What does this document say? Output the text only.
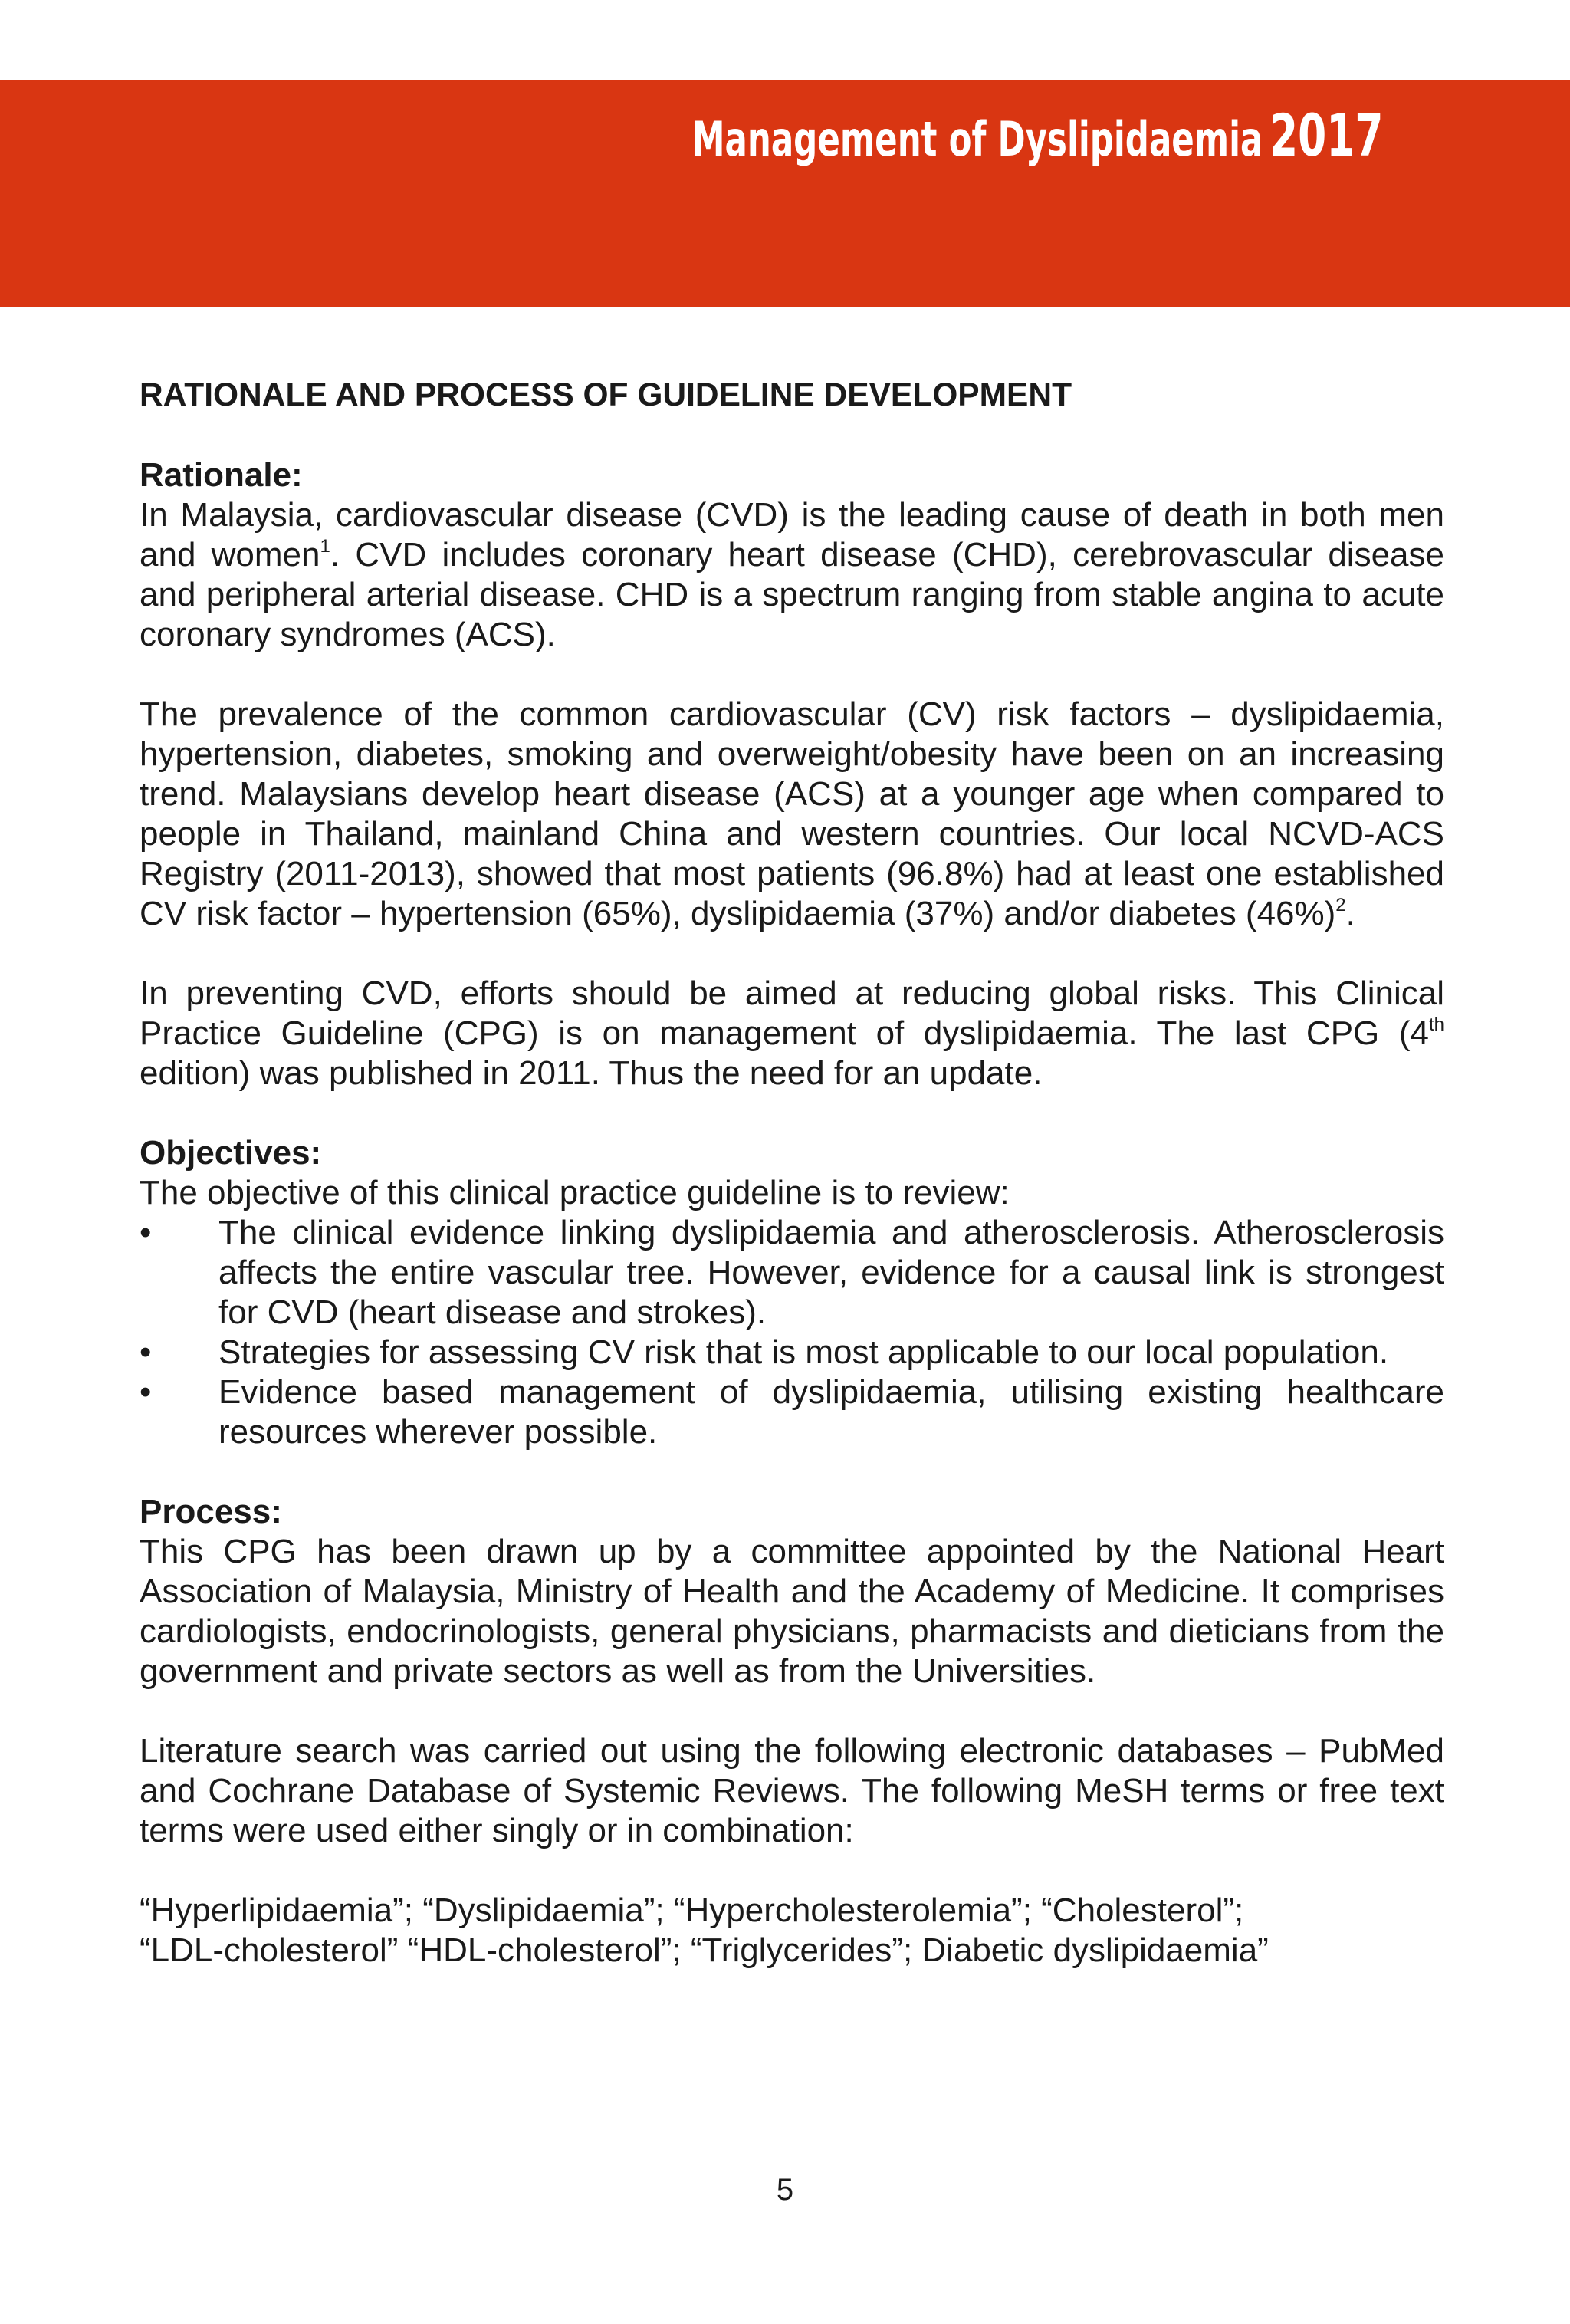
Management of Dyslipidaemia 2017
RATIONALE AND PROCESS OF GUIDELINE DEVELOPMENT
Rationale:

In Malaysia, cardiovascular disease (CVD) is the leading cause of death in both men and women$^1$. CVD includes coronary heart disease (CHD), cerebrovascular disease and peripheral arterial disease. CHD is a spectrum ranging from stable angina to acute coronary syndromes (ACS).

The prevalence of the common cardiovascular (CV) risk factors – dyslipidaemia, hypertension, diabetes, smoking and overweight/obesity have been on an increasing trend. Malaysians develop heart disease (ACS) at a younger age when compared to people in Thailand, mainland China and western countries. Our local NCVD-ACS Registry (2011-2013), showed that most patients (96.8%) had at least one established CV risk factor – hypertension (65%), dyslipidaemia (37%) and/or diabetes $(46\%)^2$.

In preventing CVD, efforts should be aimed at reducing global risks. This Clinical Practice Guideline (CPG) is on management of dyslipidaemia. The last CPG (4th edition) was published in 2011. Thus the need for an update.

Objectives:

The objective of this clinical practice guideline is to review:

• The clinical evidence linking dyslipidaemia and atherosclerosis. Atherosclerosis affects the entire vascular tree. However, evidence for a causal link is strongest for CVD (heart disease and strokes).
• Strategies for assessing CV risk that is most applicable to our local population.
• Evidence based management of dyslipidaemia, utilising existing healthcare resources wherever possible.
Process:

This CPG has been drawn up by a committee appointed by the National Heart Association of Malaysia, Ministry of Health and the Academy of Medicine. It comprises cardiologists, endocrinologists, general physicians, pharmacists and dieticians from the government and private sectors as well as from the Universities.

Literature search was carried out using the following electronic databases – PubMed and Cochrane Database of Systemic Reviews. The following MeSH terms or free text terms were used either singly or in combination:

“Hyperlipidaemia”; “Dyslipidaemia”; “Hypercholesterolemia”; “Cholesterol”;
“LDL-cholesterol” “HDL-cholesterol”; “Triglycerides”; Diabetic dyslipidaemia”
5
